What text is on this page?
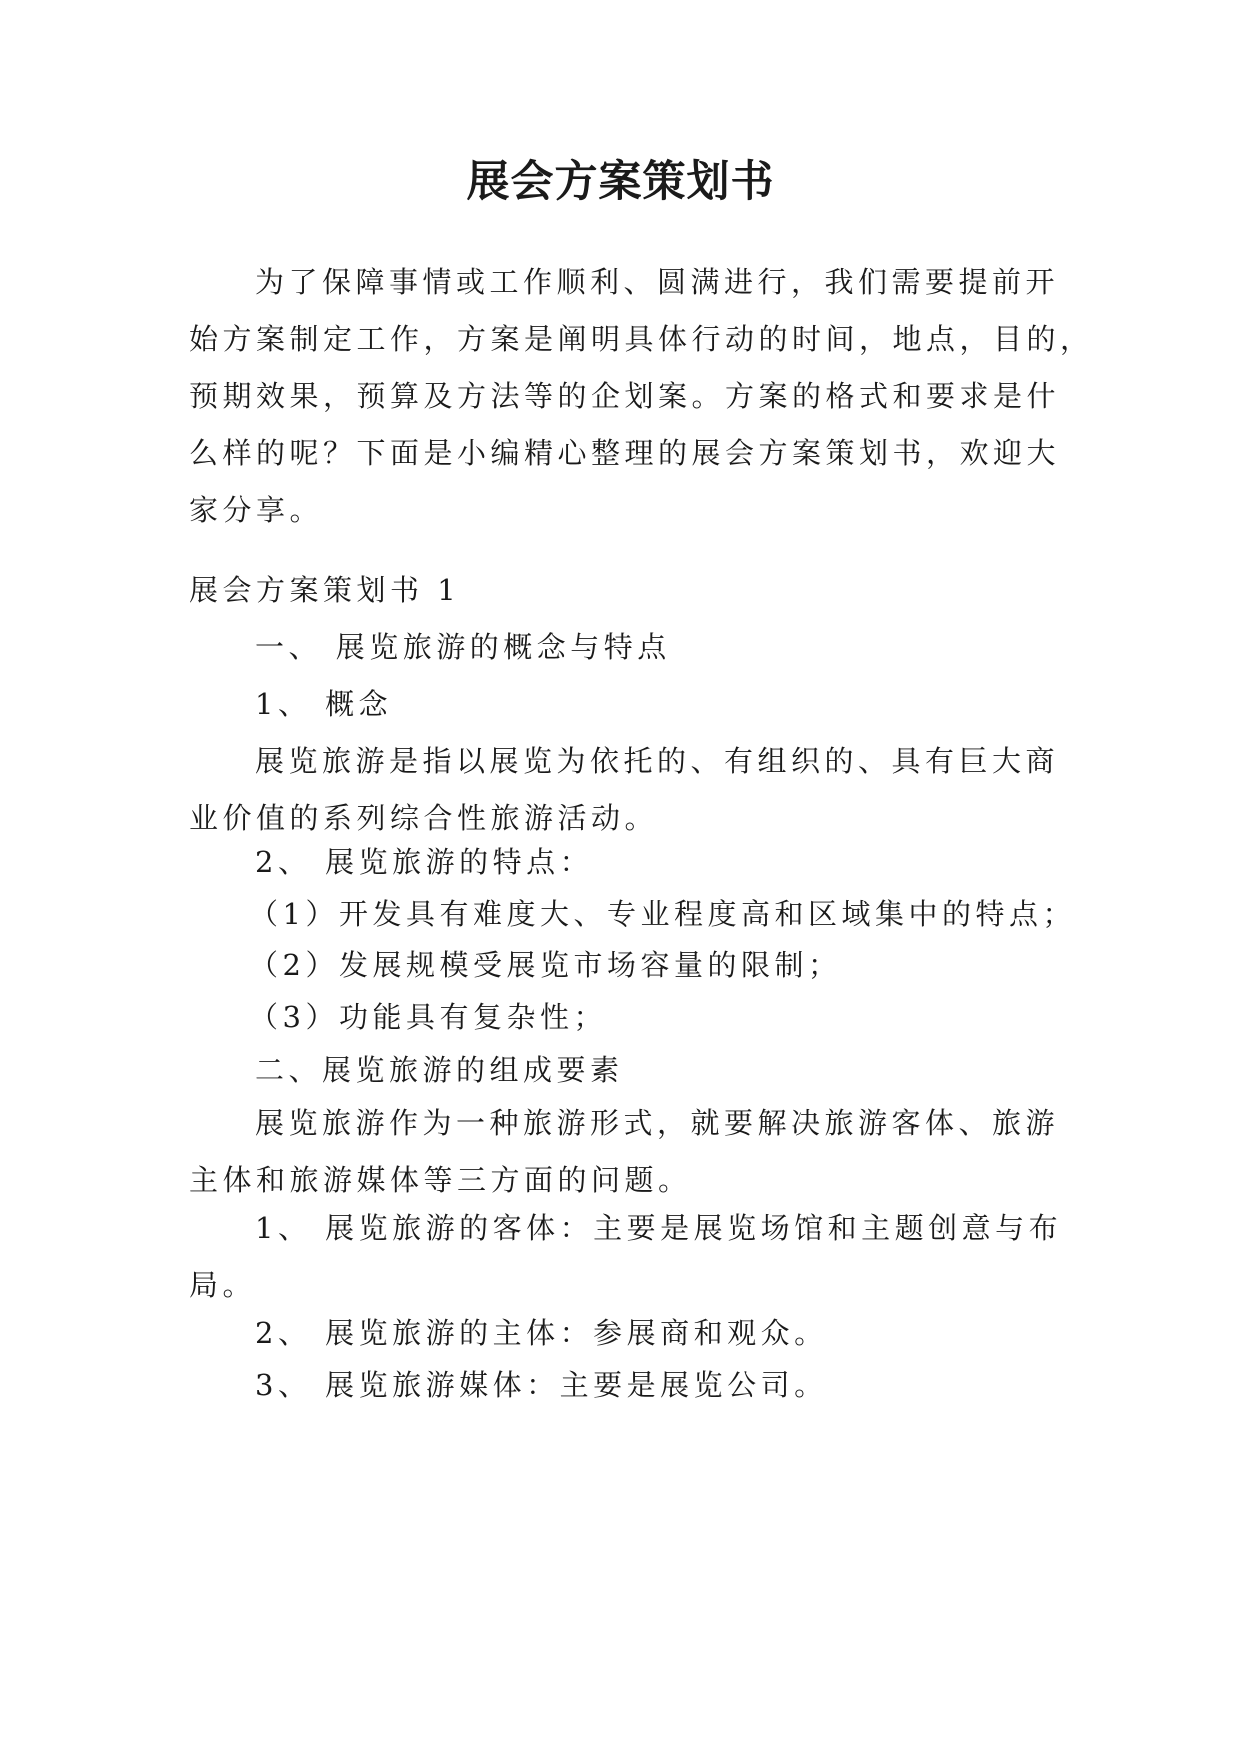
展会方案策划书
为了保障事情或工作顺利、圆满进行，我们需要提前开
始方案制定工作，方案是阐明具体行动的时间，地点，目的，
预期效果，预算及方法等的企划案。方案的格式和要求是什
么样的呢？下面是小编精心整理的展会方案策划书，欢迎大
家分享。
展会方案策划书 1
一、 展览旅游的概念与特点
1、 概念
展览旅游是指以展览为依托的、有组织的、具有巨大商
业价值的系列综合性旅游活动。
2、 展览旅游的特点：
（1）开发具有难度大、专业程度高和区域集中的特点；
（2）发展规模受展览市场容量的限制；
（3）功能具有复杂性；
二、展览旅游的组成要素
展览旅游作为一种旅游形式，就要解决旅游客体、旅游
主体和旅游媒体等三方面的问题。
1、 展览旅游的客体：主要是展览场馆和主题创意与布
局。
2、 展览旅游的主体：参展商和观众。
3、 展览旅游媒体：主要是展览公司。
